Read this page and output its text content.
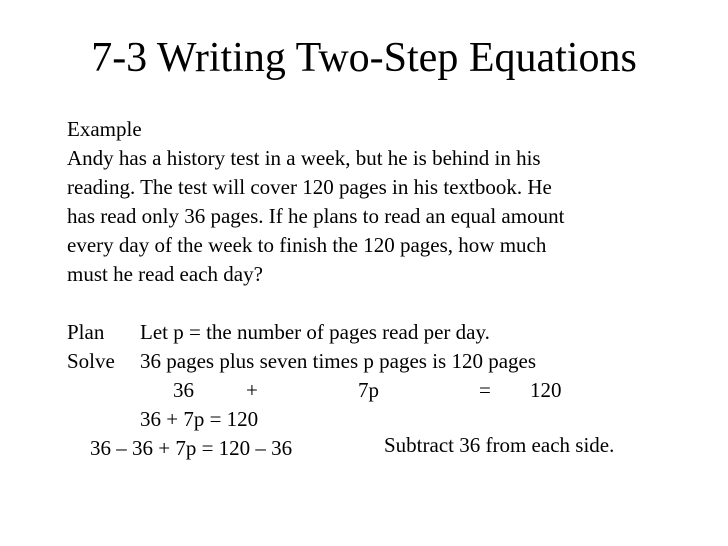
7-3 Writing Two-Step Equations
Example
Andy has a history test in a week, but he is behind in his
reading. The test will cover 120 pages in his textbook. He
has read only 36 pages. If he plans to read an equal amount
every day of the week to finish the 120 pages, how much
must he read each day?
Plan Let p = the number of pages read per day.
Solve 36 pages plus seven times p pages is 120 pages
36 +	7p	= 120
36 + 7p = 120
36 – 36 + 7p = 120 – 36	Subtract 36 from each side.
